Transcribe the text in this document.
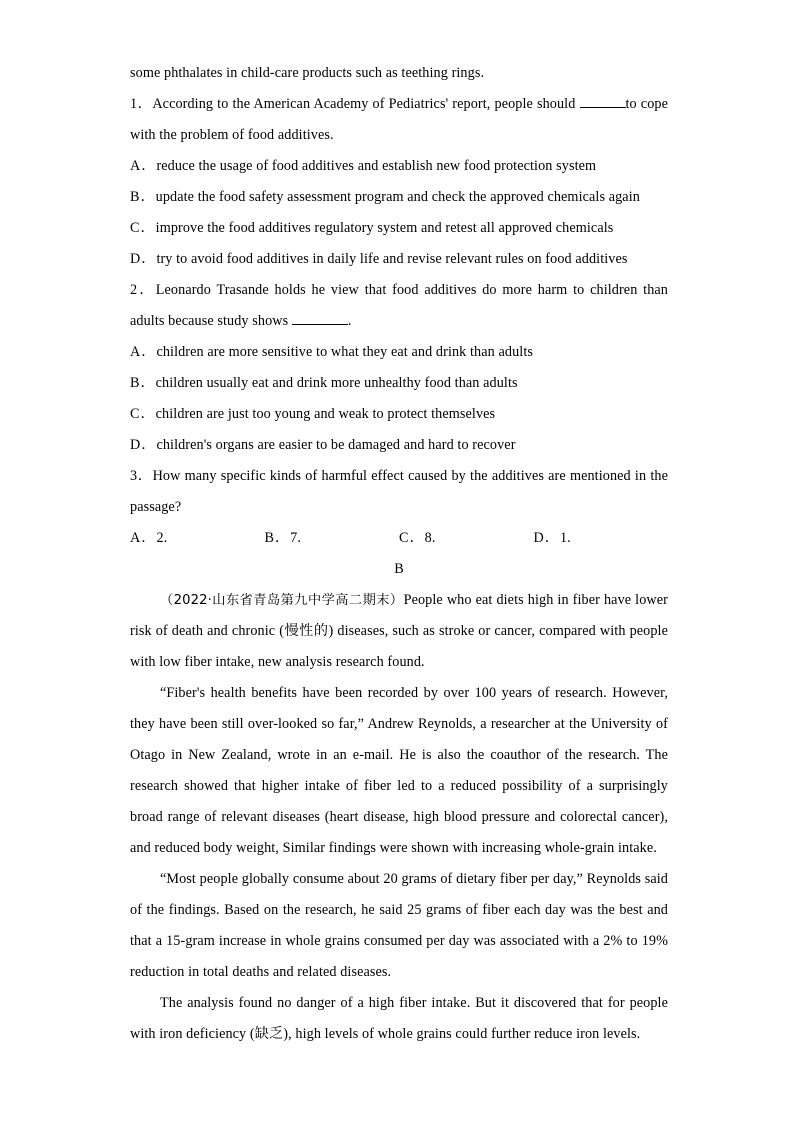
some phthalates in child-care products such as teething rings.
1．According to the American Academy of Pediatrics' report, people should	to cope with the problem of food additives.
A．reduce the usage of food additives and establish new food protection system
B．update the food safety assessment program and check the approved chemicals again
C．improve the food additives regulatory system and retest all approved chemicals
D．try to avoid food additives in daily life and revise relevant rules on food additives
2．Leonardo Trasande holds he view that food additives do more harm to children than adults because study shows	.
A．children are more sensitive to what they eat and drink than adults
B．children usually eat and drink more unhealthy food than adults
C．children are just too young and weak to protect themselves
D．children's organs are easier to be damaged and hard to recover
3．How many specific kinds of harmful effect caused by the additives are mentioned in the passage?
A．2.	B．7.	C．8.	D．1.
B
（2022·山东省青岛第九中学高二期末）People who eat diets high in fiber have lower risk of death and chronic (慢性的) diseases, such as stroke or cancer, compared with people with low fiber intake, new analysis research found.
“Fiber's health benefits have been recorded by over 100 years of research. However, they have been still over-looked so far,” Andrew Reynolds, a researcher at the University of Otago in New Zealand, wrote in an e-mail. He is also the coauthor of the research. The research showed that higher intake of fiber led to a reduced possibility of a surprisingly broad range of relevant diseases (heart disease, high blood pressure and colorectal cancer), and reduced body weight, Similar findings were shown with increasing whole-grain intake.
“Most people globally consume about 20 grams of dietary fiber per day,” Reynolds said of the findings. Based on the research, he said 25 grams of fiber each day was the best and that a 15-gram increase in whole grains consumed per day was associated with a 2% to 19% reduction in total deaths and related diseases.
The analysis found no danger of a high fiber intake. But it discovered that for people with iron deficiency (缺乏), high levels of whole grains could further reduce iron levels.
